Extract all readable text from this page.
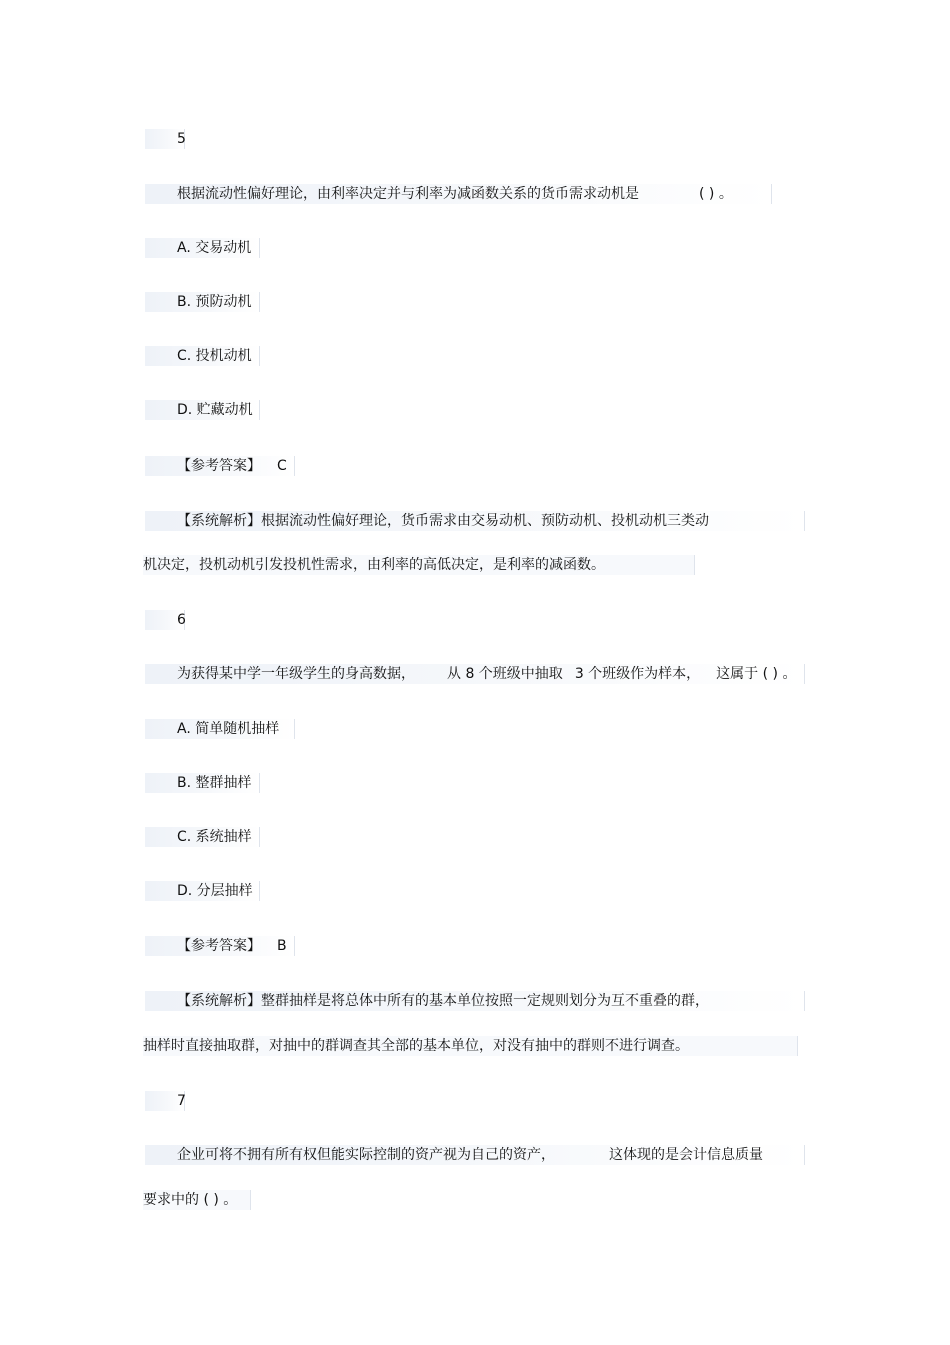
5
根据流动性偏好理论，由利率决定并与利率为减函数关系的货币需求动机是	( ) 。
A. 交易动机
B. 预防动机
C. 投机动机
D. 贮藏动机
【参考答案】 C
【系统解析】根据流动性偏好理论，货币需求由交易动机、预防动机、投机动机三类动
机决定，投机动机引发投机性需求，由利率的高低决定，是利率的减函数。
6
为获得某中学一年级学生的身高数据， 从 8 个班级中抽取 3 个班级作为样本， 这属于 ( ) 。
A. 简单随机抽样
B. 整群抽样
C. 系统抽样
D. 分层抽样
【参考答案】 B
【系统解析】整群抽样是将总体中所有的基本单位按照一定规则划分为互不重叠的群，
抽样时直接抽取群，对抽中的群调查其全部的基本单位，对没有抽中的群则不进行调查。
7
企业可将不拥有所有权但能实际控制的资产视为自己的资产，	这体现的是会计信息质量
要求中的 ( ) 。
